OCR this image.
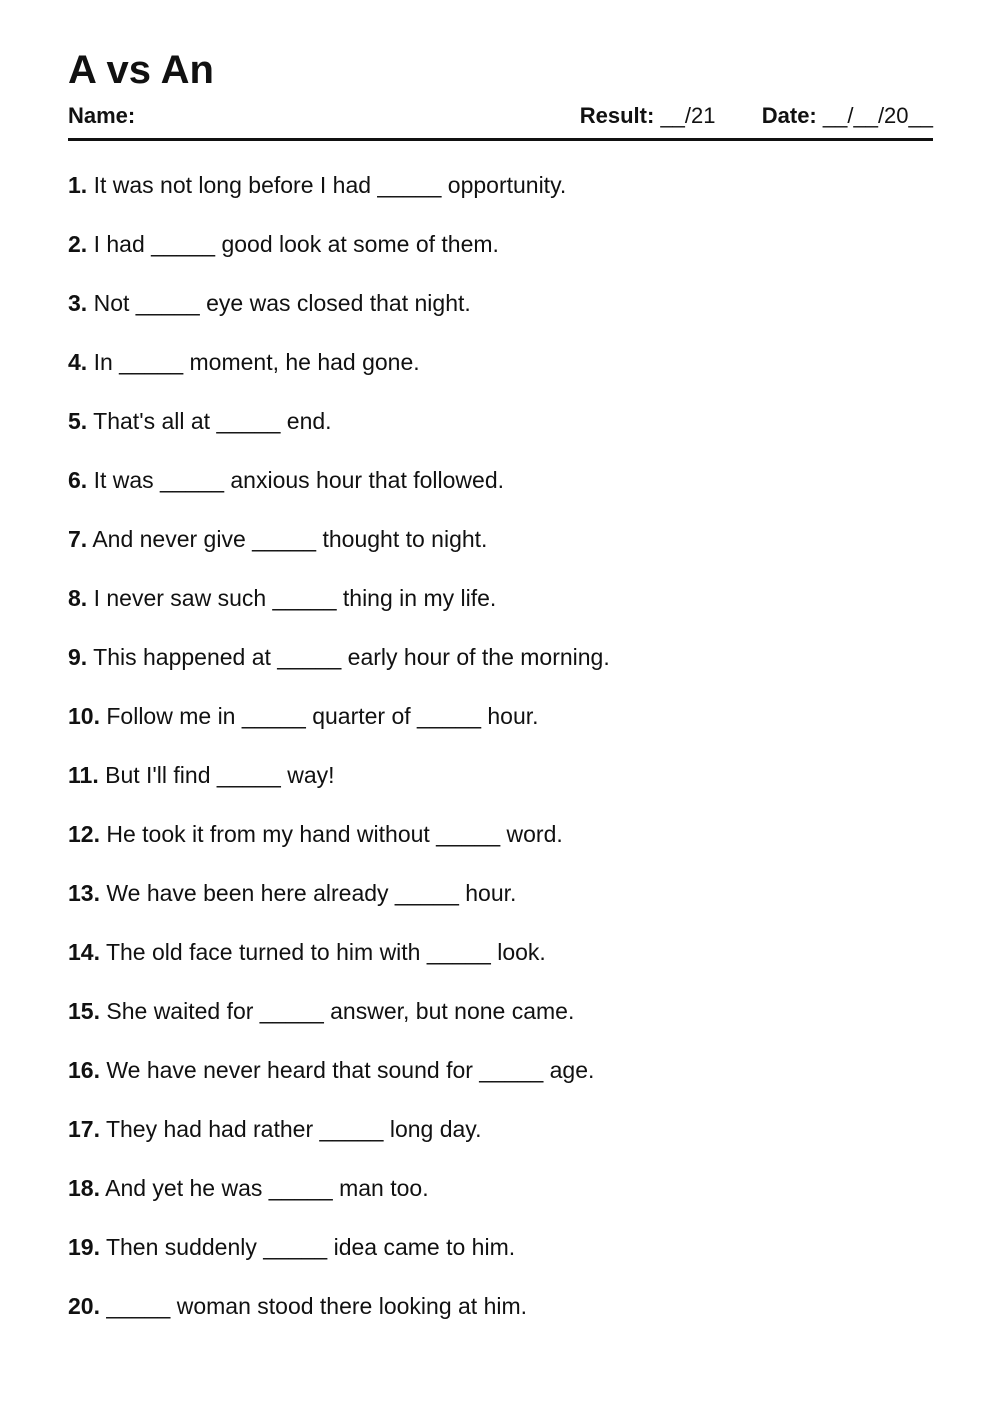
A vs An
Name:	Result: __/21 Date: __/__/20__
1. It was not long before I had _____ opportunity.
2. I had _____ good look at some of them.
3. Not _____ eye was closed that night.
4. In _____ moment, he had gone.
5. That's all at _____ end.
6. It was _____ anxious hour that followed.
7. And never give _____ thought to night.
8. I never saw such _____ thing in my life.
9. This happened at _____ early hour of the morning.
10. Follow me in _____ quarter of _____ hour.
11. But I'll find _____ way!
12. He took it from my hand without _____ word.
13. We have been here already _____ hour.
14. The old face turned to him with _____ look.
15. She waited for _____ answer, but none came.
16. We have never heard that sound for _____ age.
17. They had had rather _____ long day.
18. And yet he was _____ man too.
19. Then suddenly _____ idea came to him.
20. _____ woman stood there looking at him.
